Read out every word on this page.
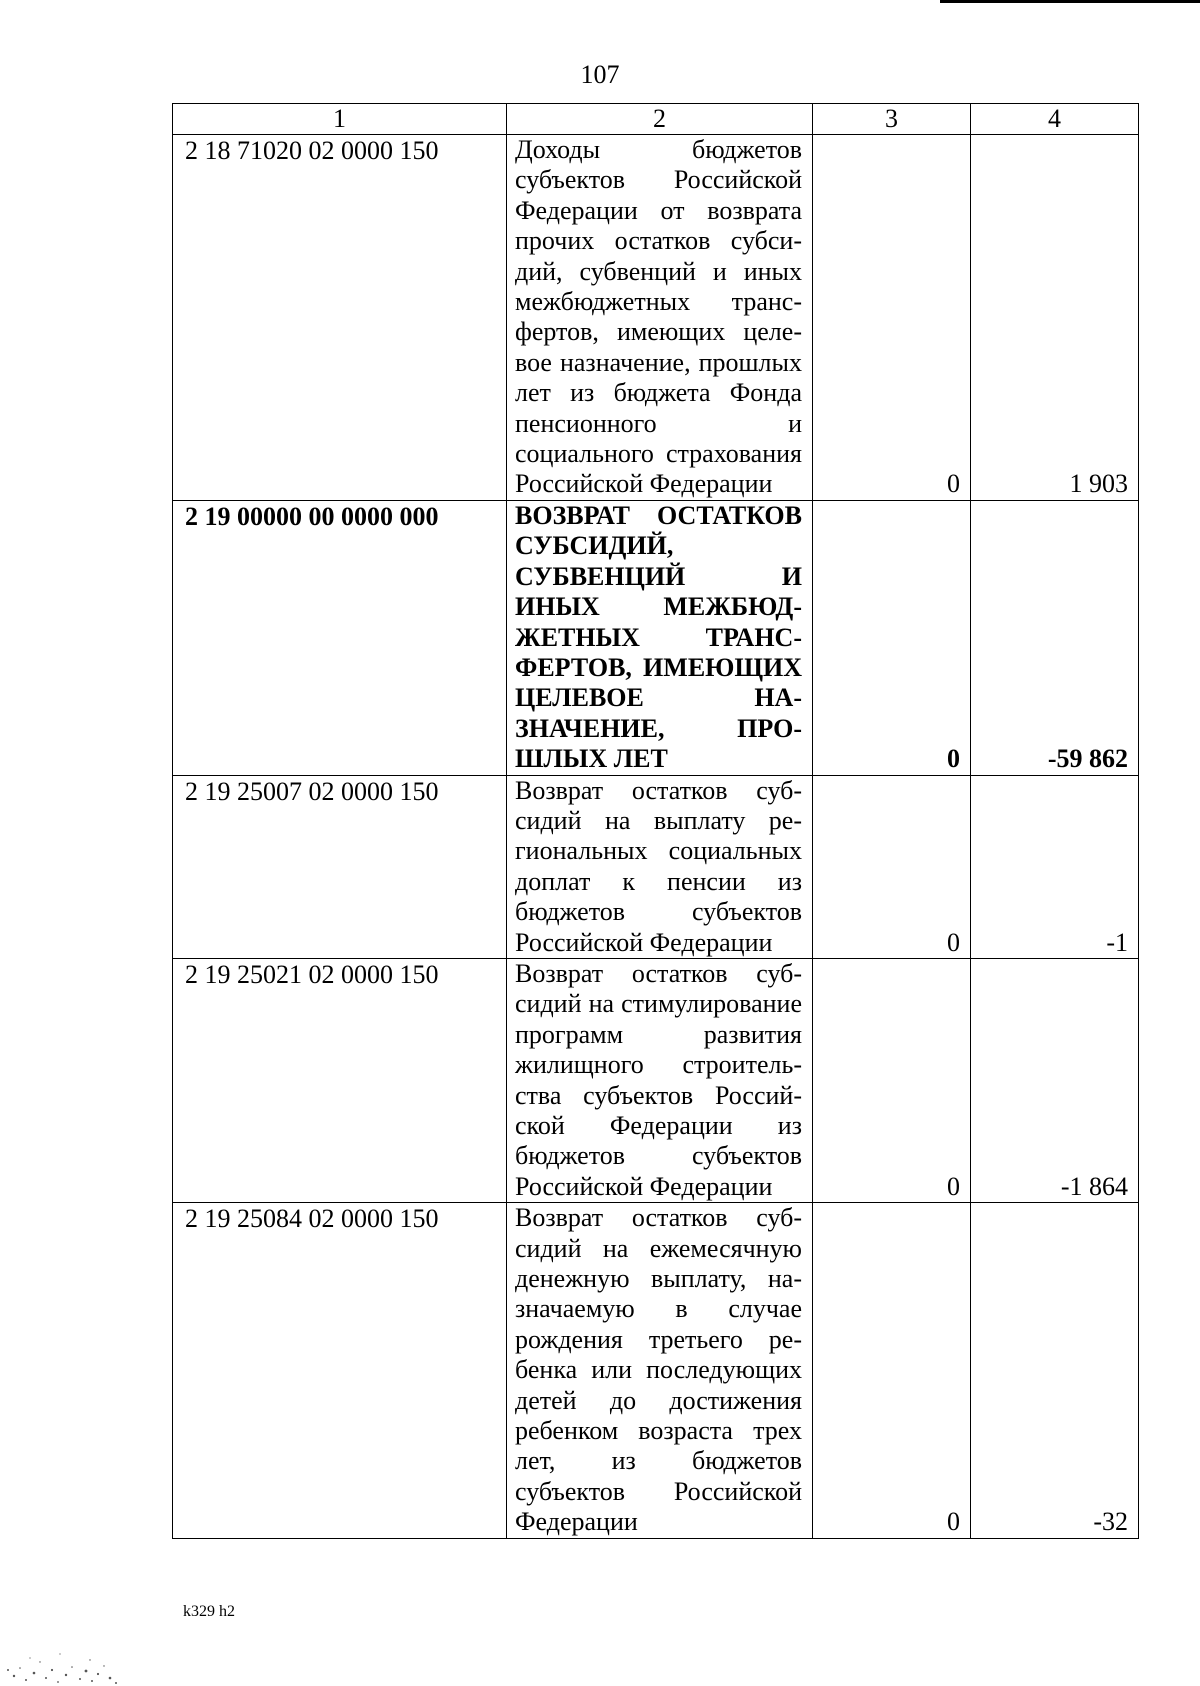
107
1	2	3	4
2 18 71020 02 0000 150	Доходы бюджетов субъектов Российской Федерации от возврата прочих остатков субсидий, субвенций и иных межбюджетных трансфертов, имеющих целевое назначение, прошлых лет из бюджета Фонда пенсионного и социального страхования Российской Федерации	0	1 903
2 19 00000 00 0000 000	ВОЗВРАТ ОСТАТКОВ СУБСИДИЙ, СУБВЕНЦИЙ И ИНЫХ МЕЖБЮДЖЕТНЫХ ТРАНСФЕРТОВ, ИМЕЮЩИХ ЦЕЛЕВОЕ НАЗНАЧЕНИЕ, ПРОШЛЫХ ЛЕТ	0	-59 862
2 19 25007 02 0000 150	Возврат остатков субсидий на выплату региональных социальных доплат к пенсии из бюджетов субъектов Российской Федерации	0	-1
2 19 25021 02 0000 150	Возврат остатков субсидий на стимулирование программ развития жилищного строительства субъектов Российской Федерации из бюджетов субъектов Российской Федерации	0	-1 864
2 19 25084 02 0000 150	Возврат остатков субсидий на ежемесячную денежную выплату, назначаемую в случае рождения третьего ребенка или последующих детей до достижения ребенком возраста трех лет, из бюджетов субъектов Российской Федерации	0	-32
k329 h2
